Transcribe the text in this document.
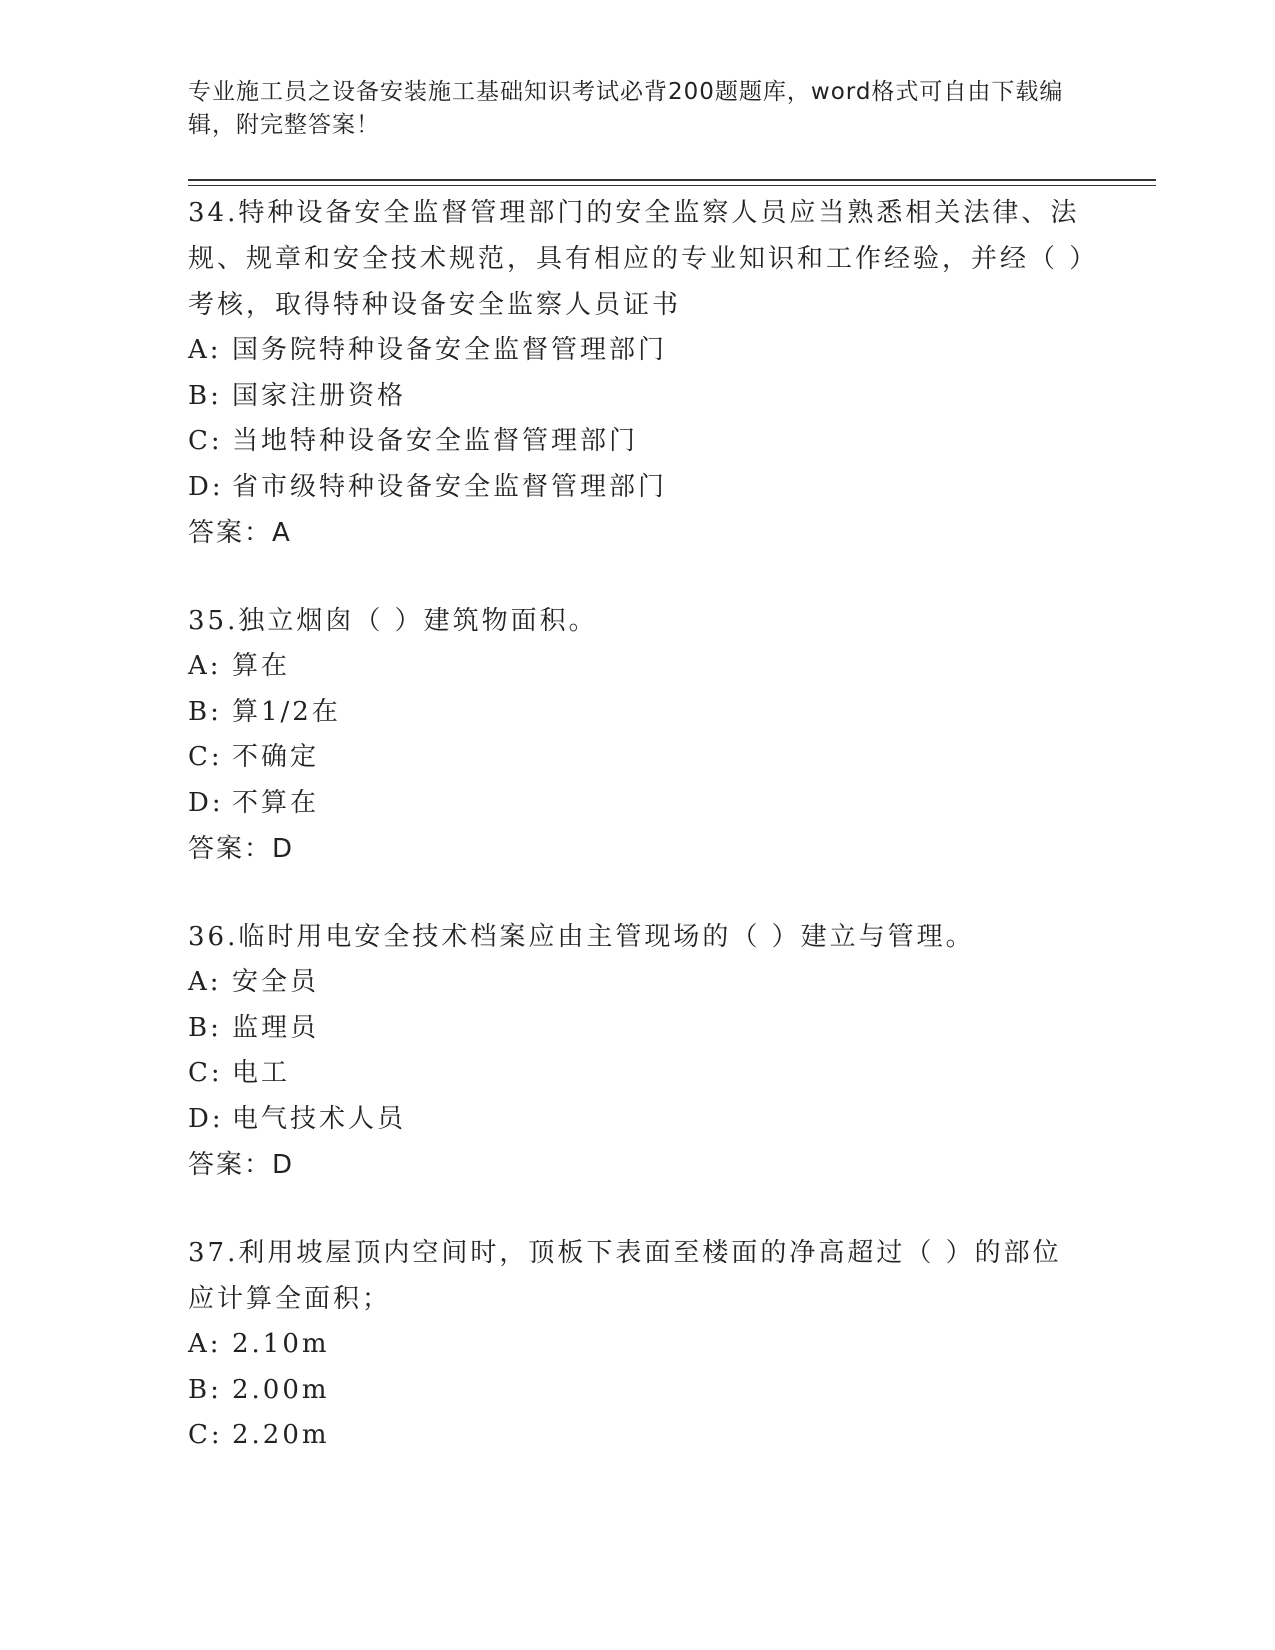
专业施工员之设备安装施工基础知识考试必背200题题库，word格式可自由下载编辑，附完整答案！
34.特种设备安全监督管理部门的安全监察人员应当熟悉相关法律、法规、规章和安全技术规范，具有相应的专业知识和工作经验，并经（ ）考核，取得特种设备安全监察人员证书
A: 国务院特种设备安全监督管理部门
B: 国家注册资格
C: 当地特种设备安全监督管理部门
D: 省市级特种设备安全监督管理部门
答案：A
35.独立烟囱（ ）建筑物面积。
A: 算在
B: 算1/2在
C: 不确定
D: 不算在
答案：D
36.临时用电安全技术档案应由主管现场的（ ）建立与管理。
A: 安全员
B: 监理员
C: 电工
D: 电气技术人员
答案：D
37.利用坡屋顶内空间时，顶板下表面至楼面的净高超过（ ）的部位应计算全面积；
A: 2.10m
B: 2.00m
C: 2.20m
